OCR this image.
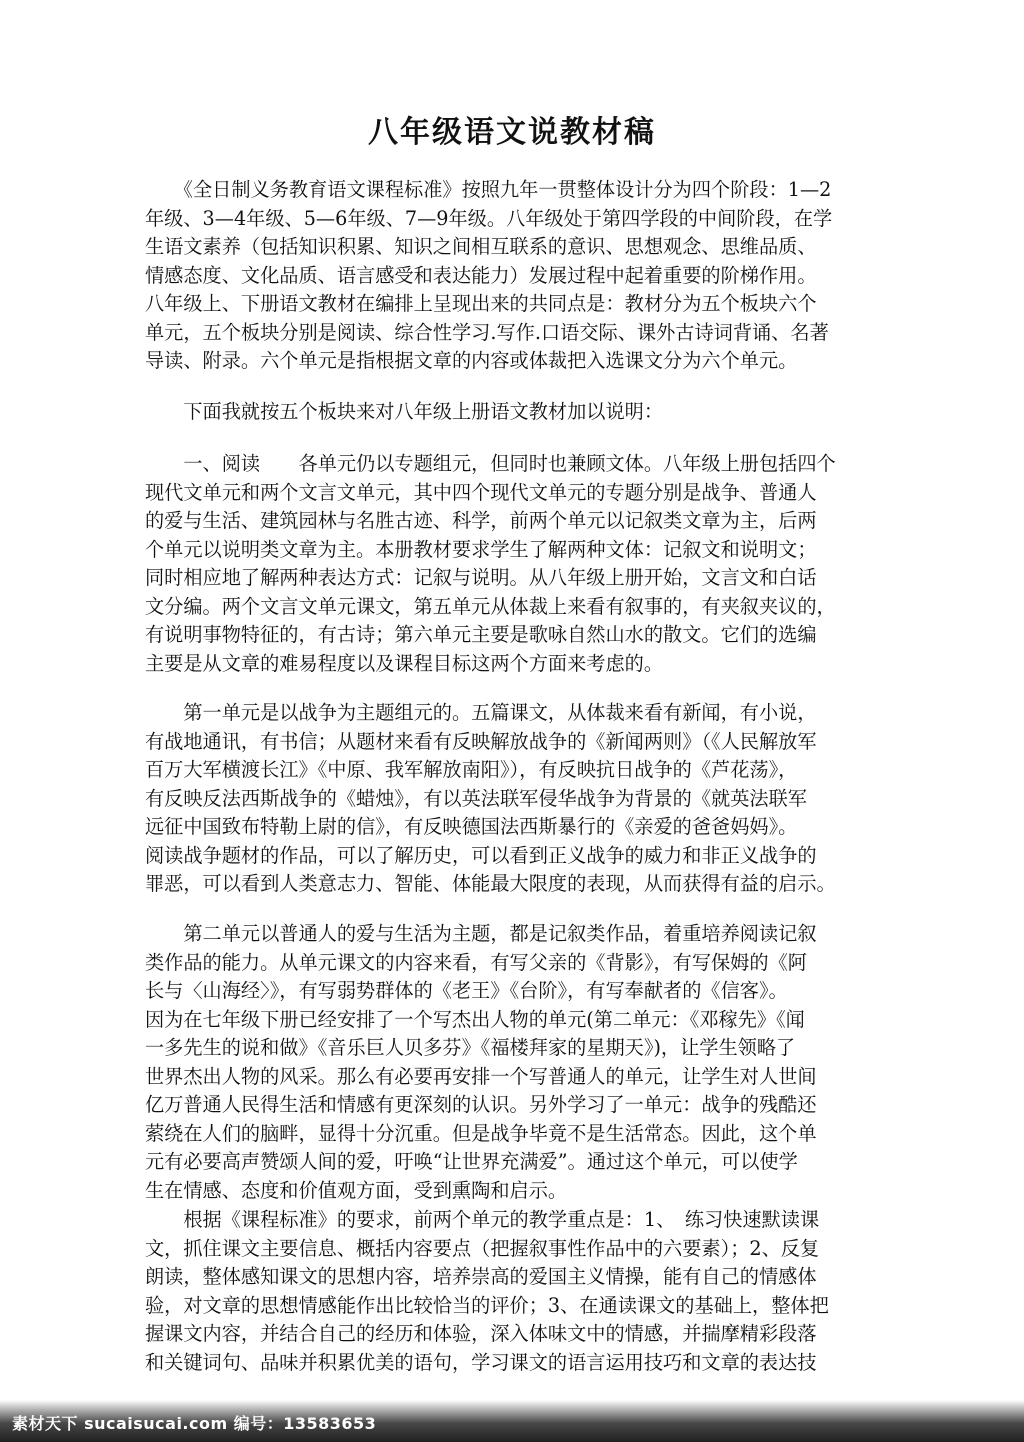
八年级语文说教材稿
　　《全日制义务教育语文课程标准》按照九年一贯整体设计分为四个阶段：1—2
年级、3—4年级、5—6年级、7—9年级。八年级处于第四学段的中间阶段，在学
生语文素养（包括知识积累、知识之间相互联系的意识、思想观念、思维品质、
情感态度、文化品质、语言感受和表达能力）发展过程中起着重要的阶梯作用。
八年级上、下册语文教材在编排上呈现出来的共同点是：教材分为五个板块六个
单元，五个板块分别是阅读、综合性学习.写作.口语交际、课外古诗词背诵、名著
导读、附录。六个单元是指根据文章的内容或体裁把入选课文分为六个单元。
　　下面我就按五个板块来对八年级上册语文教材加以说明：
　　一、阅读　　各单元仍以专题组元，但同时也兼顾文体。八年级上册包括四个
现代文单元和两个文言文单元，其中四个现代文单元的专题分别是战争、普通人
的爱与生活、建筑园林与名胜古迹、科学，前两个单元以记叙类文章为主，后两
个单元以说明类文章为主。本册教材要求学生了解两种文体：记叙文和说明文；
同时相应地了解两种表达方式：记叙与说明。从八年级上册开始，文言文和白话
文分编。两个文言文单元课文，第五单元从体裁上来看有叙事的，有夹叙夹议的，
有说明事物特征的，有古诗；第六单元主要是歌咏自然山水的散文。它们的选编
主要是从文章的难易程度以及课程目标这两个方面来考虑的。
　　第一单元是以战争为主题组元的。五篇课文，从体裁来看有新闻，有小说，
有战地通讯，有书信；从题材来看有反映解放战争的《新闻两则》（《人民解放军
百万大军横渡长江》《中原、我军解放南阳》），有反映抗日战争的《芦花荡》，
有反映反法西斯战争的《蜡烛》，有以英法联军侵华战争为背景的《就英法联军
远征中国致布特勒上尉的信》，有反映德国法西斯暴行的《亲爱的爸爸妈妈》。
阅读战争题材的作品，可以了解历史，可以看到正义战争的威力和非正义战争的
罪恶，可以看到人类意志力、智能、体能最大限度的表现，从而获得有益的启示。
　　第二单元以普通人的爱与生活为主题，都是记叙类作品，着重培养阅读记叙
类作品的能力。从单元课文的内容来看，有写父亲的《背影》，有写保姆的《阿
长与〈山海经〉》，有写弱势群体的《老王》《台阶》，有写奉献者的《信客》。
因为在七年级下册已经安排了一个写杰出人物的单元(第二单元：《邓稼先》《闻
一多先生的说和做》《音乐巨人贝多芬》《福楼拜家的星期天》)，让学生领略了
世界杰出人物的风采。那么有必要再安排一个写普通人的单元，让学生对人世间
亿万普通人民得生活和情感有更深刻的认识。另外学习了一单元：战争的残酷还
萦绕在人们的脑畔，显得十分沉重。但是战争毕竟不是生活常态。因此，这个单
元有必要高声赞颂人间的爱，吁唤“让世界充满爱”。通过这个单元，可以使学
生在情感、态度和价值观方面，受到熏陶和启示。
　　根据《课程标准》的要求，前两个单元的教学重点是：1、　练习快速默读课
文，抓住课文主要信息、概括内容要点（把握叙事性作品中的六要素）；2、反复
朗读，整体感知课文的思想内容，培养崇高的爱国主义情操，能有自己的情感体
验，对文章的思想情感能作出比较恰当的评价；3、在通读课文的基础上，整体把
握课文内容，并结合自己的经历和体验，深入体味文中的情感，并揣摩精彩段落
和关键词句、品味并积累优美的语句，学习课文的语言运用技巧和文章的表达技
素材天下 sucaisucai.com 编号：13583653
